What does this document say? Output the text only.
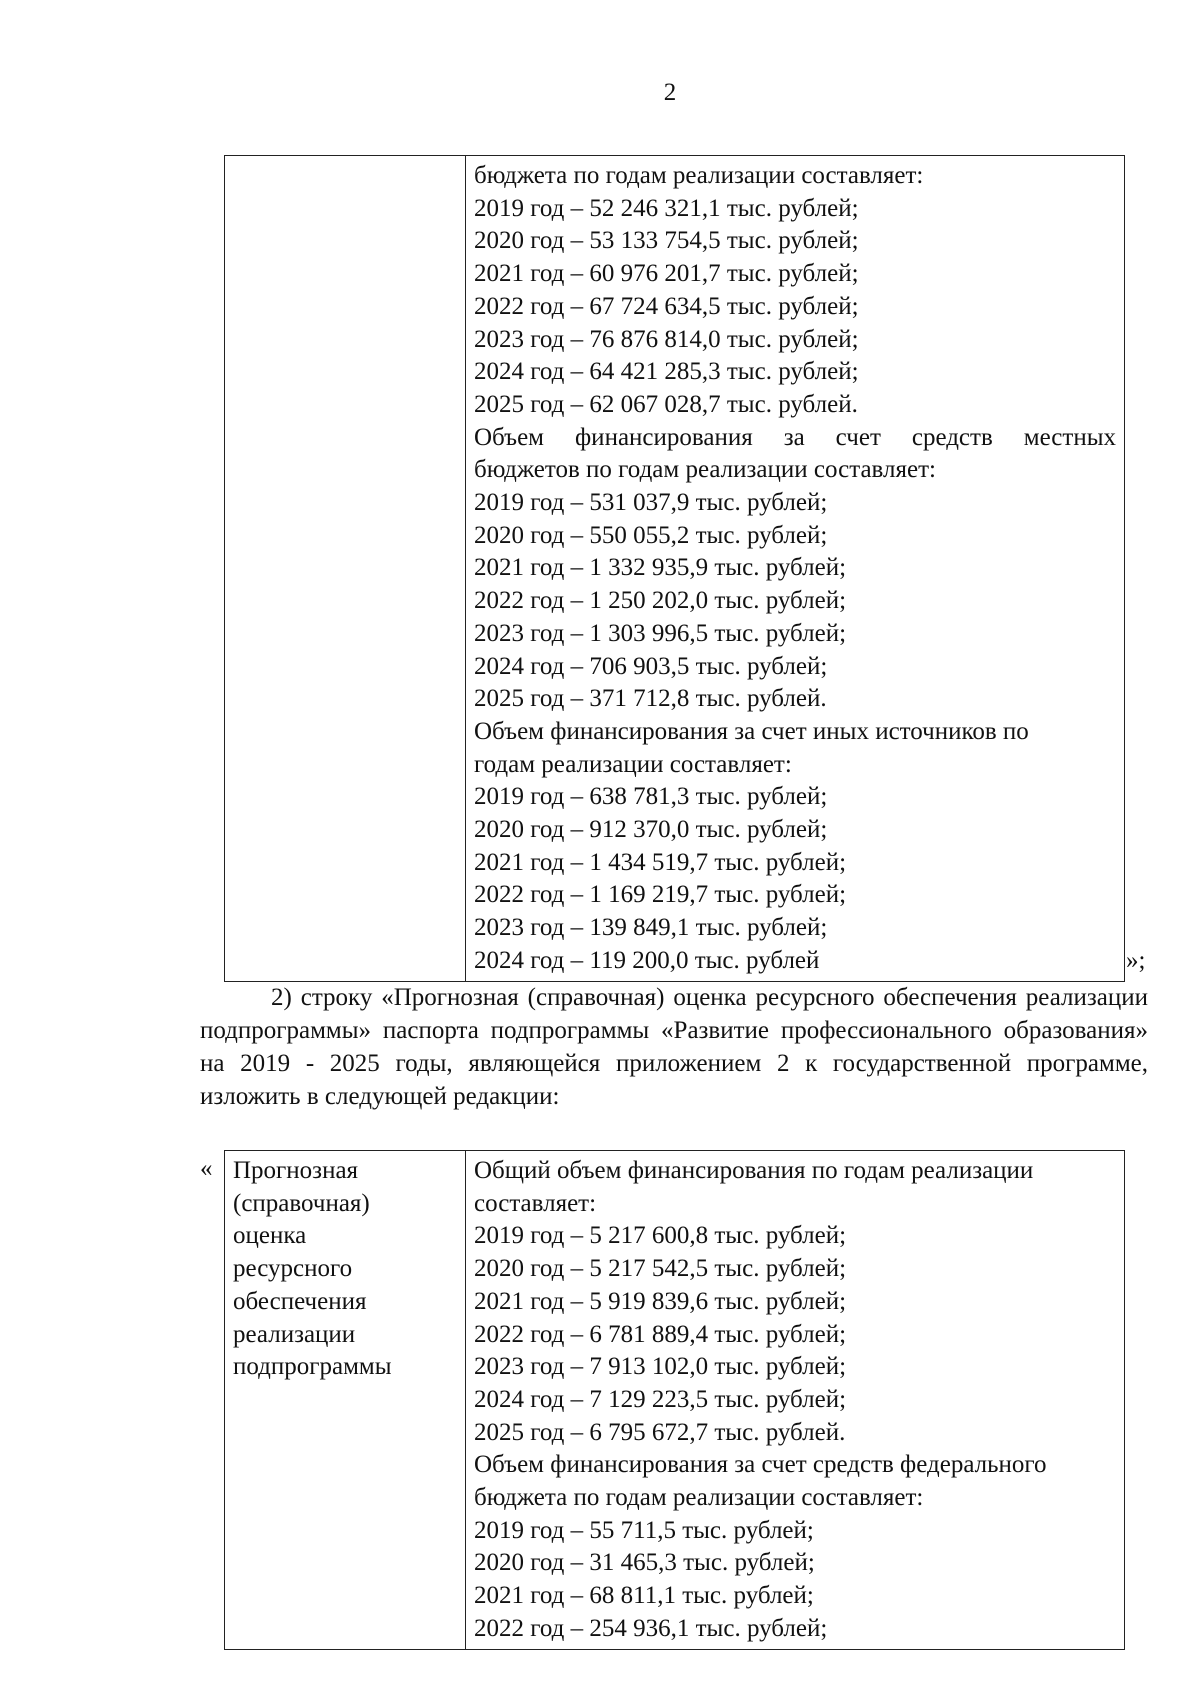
2

бюджета по годам реализации составляет:
2019 год – 52 246 321,1 тыс. рублей;
2020 год – 53 133 754,5 тыс. рублей;
2021 год – 60 976 201,7 тыс. рублей;
2022 год – 67 724 634,5 тыс. рублей;
2023 год – 76 876 814,0 тыс. рублей;
2024 год – 64 421 285,3 тыс. рублей;
2025 год – 62 067 028,7 тыс. рублей.
Объем финансирования за счет средств местных
бюджетов по годам реализации составляет:
2019 год – 531 037,9 тыс. рублей;
2020 год – 550 055,2 тыс. рублей;
2021 год – 1 332 935,9 тыс. рублей;
2022 год – 1 250 202,0 тыс. рублей;
2023 год – 1 303 996,5 тыс. рублей;
2024 год – 706 903,5 тыс. рублей;
2025 год – 371 712,8 тыс. рублей.
Объем финансирования за счет иных источников по
годам реализации составляет:
2019 год – 638 781,3 тыс. рублей;
2020 год – 912 370,0 тыс. рублей;
2021 год – 1 434 519,7 тыс. рублей;
2022 год – 1 169 219,7 тыс. рублей;
2023 год – 139 849,1 тыс. рублей;
2024 год – 119 200,0 тыс. рублей	»;

2) строку «Прогнозная (справочная) оценка ресурсного обеспечения реализации подпрограммы» паспорта подпрограммы «Развитие профессионального образования» на 2019 - 2025 годы, являющейся приложением 2 к государственной программе, изложить в следующей редакции:

« Прогнозная
(справочная)
оценка
ресурсного
обеспечения
реализации
подпрограммы

Общий объем финансирования по годам реализации
составляет:
2019 год – 5 217 600,8 тыс. рублей;
2020 год – 5 217 542,5 тыс. рублей;
2021 год – 5 919 839,6 тыс. рублей;
2022 год – 6 781 889,4 тыс. рублей;
2023 год – 7 913 102,0 тыс. рублей;
2024 год – 7 129 223,5 тыс. рублей;
2025 год – 6 795 672,7 тыс. рублей.
Объем финансирования за счет средств федерального
бюджета по годам реализации составляет:
2019 год – 55 711,5 тыс. рублей;
2020 год – 31 465,3 тыс. рублей;
2021 год – 68 811,1 тыс. рублей;
2022 год – 254 936,1 тыс. рублей;
